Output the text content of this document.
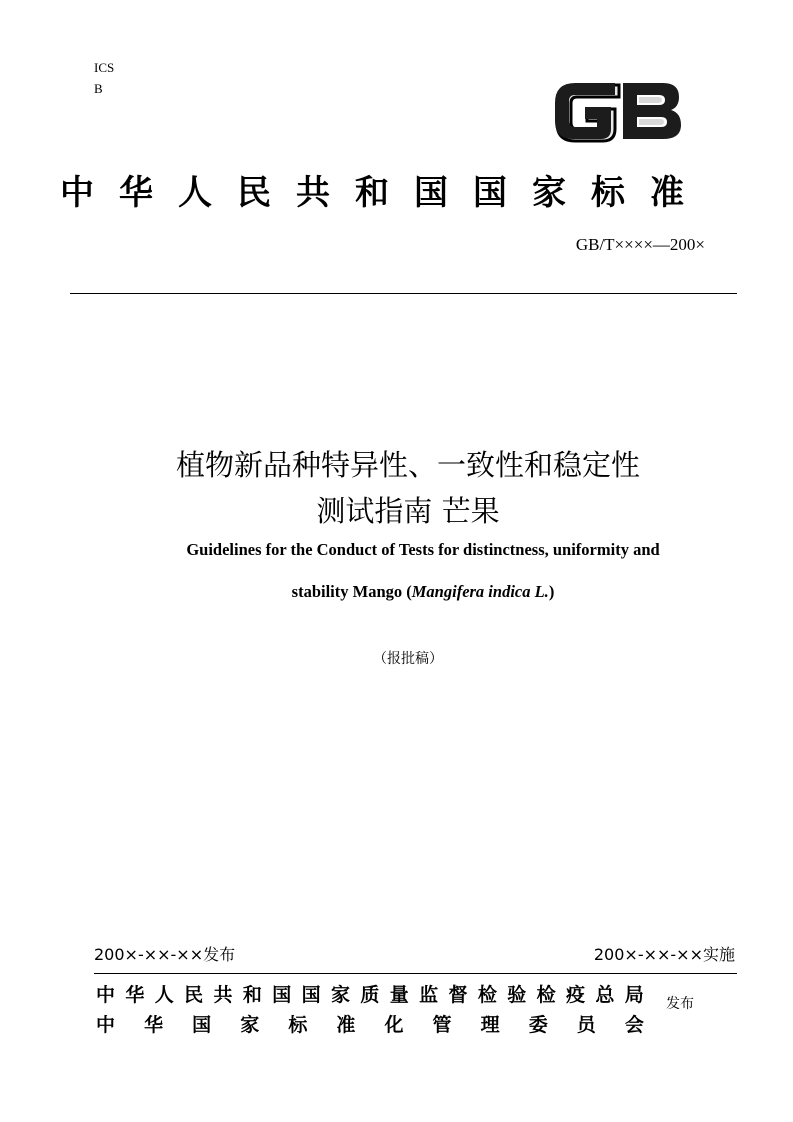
ICS
B
中华人民共和国国家标准
GB/T××××—200×
植物新品种特异性、一致性和稳定性
测试指南 芒果
Guidelines for the Conduct of Tests for distinctness, uniformity and
stability Mango (Mangifera indica L.)
（报批稿）
200×-××-××发布	200×-××-××实施
中 华 人 民 共 和 国 国 家 质 量 监 督 检 验 检 疫 总 局
中 华 国 家 标 准 化 管 理 委 员 会
发布
